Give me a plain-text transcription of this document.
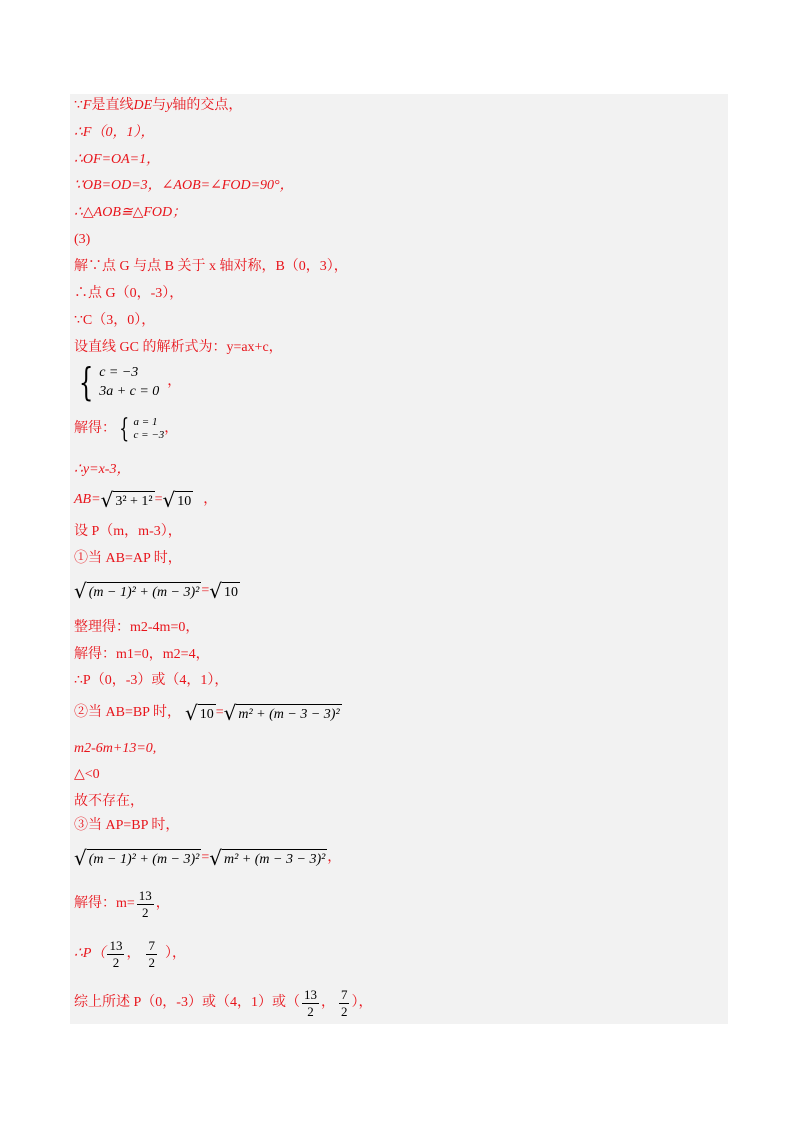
∵ F 是直线 DE 与 y 轴的交点，
∴F（0，1），
∴OF=OA=1，
∵OB=OD=3，∠AOB=∠FOD=90°，
∴△AOB≅△FOD；
(3)
解∵点 G 与点 B 关于 x 轴对称，B（0，3），
∴点 G（0，-3），
∵C（3，0），
设直线 GC 的解析式为：y=ax+c，
{ c = −3
3a + c = 0
，
解得： { a = 1
c = −3 ，
∴y=x-3，
AB= √ 3² + 1² = √ 10 ，
设 P（m，m-3），
①当 AB=AP 时，
√ (m − 1)² + (m − 3)² = √ 10
整理得：m2-4m=0，
解得：m1=0，m2=4，
∴P（0，-3）或（4，1），
②当 AB=BP 时， √ 10 = √ m² + (m − 3 − 3)²
m2-6m+13=0,
△<0
故不存在，
③当 AP=BP 时，
√ (m − 1)² + (m − 3)² = √ m² + (m − 3 − 3)² ，
解得：$m= \frac{13}{2}$ ，
∴P（ $\frac{13}{2}$ ， $\frac{7}{2}$ ），
综上所述 P（0，-3）或（4，1）或（ $\frac{13}{2}$ ， $\frac{7}{2}$ ），
